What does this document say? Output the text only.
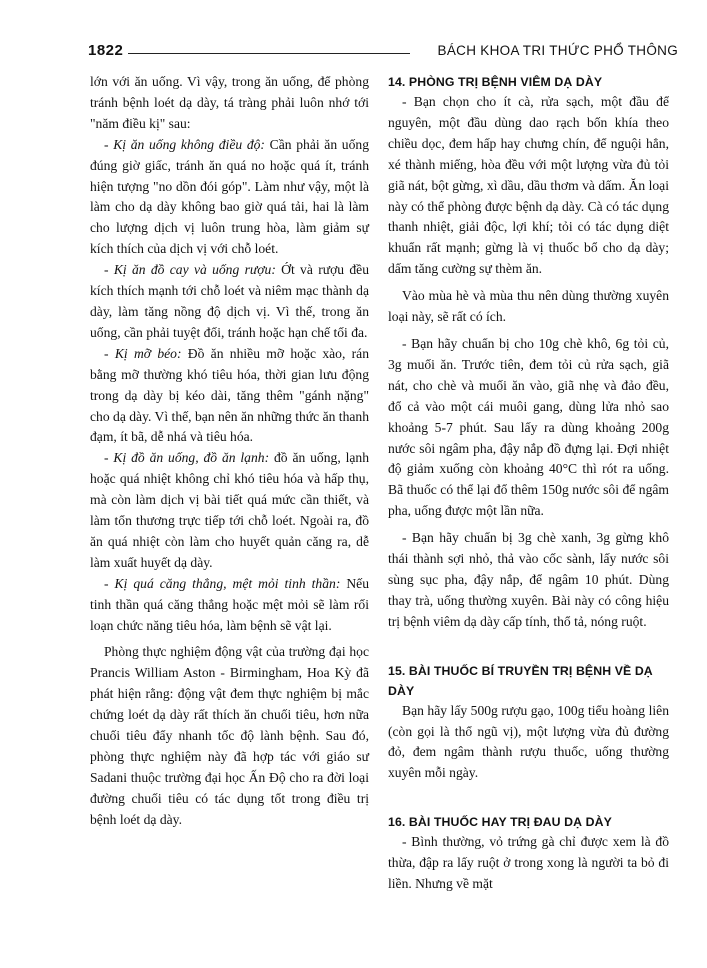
1822	BÁCH KHOA TRI THỨC PHỔ THÔNG

lớn với ăn uống. Vì vậy, trong ăn uống, để phòng tránh bệnh loét dạ dày, tá tràng phải luôn nhớ tới "năm điều kị" sau:

- Kị ăn uống không điều độ: Cần phải ăn uống đúng giờ giấc, tránh ăn quá no hoặc quá ít, tránh hiện tượng "no dồn đói góp". Làm như vậy, một là làm cho dạ dày không bao giờ quá tải, hai là làm cho lượng dịch vị luôn trung hòa, làm giảm sự kích thích của dịch vị với chỗ loét.

- Kị ăn đồ cay và uống rượu: Ớt và rượu đều kích thích mạnh tới chỗ loét và niêm mạc thành dạ dày, làm tăng nồng độ dịch vị. Vì thế, trong ăn uống, cần phải tuyệt đối, tránh hoặc hạn chế tối đa.

- Kị mỡ béo: Đồ ăn nhiều mỡ hoặc xào, rán bằng mỡ thường khó tiêu hóa, thời gian lưu động trong dạ dày bị kéo dài, tăng thêm "gánh nặng" cho dạ dày. Vì thế, bạn nên ăn những thức ăn thanh đạm, ít bã, dễ nhá và tiêu hóa.

- Kị đồ ăn uống, đồ ăn lạnh: đồ ăn uống, lạnh hoặc quá nhiệt không chỉ khó tiêu hóa và hấp thụ, mà còn làm dịch vị bài tiết quá mức cần thiết, và làm tổn thương trực tiếp tới chỗ loét. Ngoài ra, đồ ăn quá nhiệt còn làm cho huyết quản căng ra, dễ làm xuất huyết dạ dày.

- Kị quá căng thẳng, mệt mỏi tinh thần: Nếu tinh thần quá căng thẳng hoặc mệt mỏi sẽ làm rối loạn chức năng tiêu hóa, làm bệnh sẽ vật lại.

Phòng thực nghiệm động vật của trường đại học Prancis William Aston - Birmingham, Hoa Kỳ đã phát hiện rằng: động vật đem thực nghiệm bị mắc chứng loét dạ dày rất thích ăn chuối tiêu, hơn nữa chuối tiêu đẩy nhanh tốc độ lành bệnh. Sau đó, phòng thực nghiệm này đã hợp tác với giáo sư Sadani thuộc trường đại học Ấn Độ cho ra đời loại đường chuối tiêu có tác dụng tốt trong điều trị bệnh loét dạ dày.

14. PHÒNG TRỊ BỆNH VIÊM DẠ DÀY

- Bạn chọn cho ít cà, rửa sạch, một đầu để nguyên, một đầu dùng dao rạch bốn khía theo chiều dọc, đem hấp hay chưng chín, để nguội hẳn, xé thành miếng, hòa đều với một lượng vừa đủ tỏi giã nát, bột gừng, xì dầu, dầu thơm và dấm. Ăn loại này có thể phòng được bệnh dạ dày. Cà có tác dụng thanh nhiệt, giải độc, lợi khí; tỏi có tác dụng diệt khuẩn rất mạnh; gừng là vị thuốc bổ cho dạ dày; dấm tăng cường sự thèm ăn.

Vào mùa hè và mùa thu nên dùng thường xuyên loại này, sẽ rất có ích.

- Bạn hãy chuẩn bị cho 10g chè khô, 6g tỏi củ, 3g muối ăn. Trước tiên, đem tỏi củ rửa sạch, giã nát, cho chè và muối ăn vào, giã nhẹ và đảo đều, đổ cả vào một cái muôi gang, dùng lửa nhỏ sao khoảng 5-7 phút. Sau lấy ra dùng khoảng 200g nước sôi ngâm pha, đậy nắp đồ đựng lại. Đợi nhiệt độ giảm xuống còn khoảng 40°C thì rót ra uống. Bã thuốc có thể lại đổ thêm 150g nước sôi để ngâm pha, uống được một lần nữa.

- Bạn hãy chuẩn bị 3g chè xanh, 3g gừng khô thái thành sợi nhỏ, thả vào cốc sành, lấy nước sôi sùng sục pha, đậy nắp, để ngâm 10 phút. Dùng thay trà, uống thường xuyên. Bài này có công hiệu trị bệnh viêm dạ dày cấp tính, thổ tả, nóng ruột.

15. BÀI THUỐC BÍ TRUYỀN TRỊ BỆNH VỀ DẠ DÀY

Bạn hãy lấy 500g rượu gạo, 100g tiểu hoàng liên (còn gọi là thổ ngũ vị), một lượng vừa đủ đường đỏ, đem ngâm thành rượu thuốc, uống thường xuyên mỗi ngày.

16. BÀI THUỐC HAY TRỊ ĐAU DẠ DÀY

- Bình thường, vỏ trứng gà chỉ được xem là đồ thừa, đập ra lấy ruột ở trong xong là người ta bỏ đi liền. Nhưng về mặt
